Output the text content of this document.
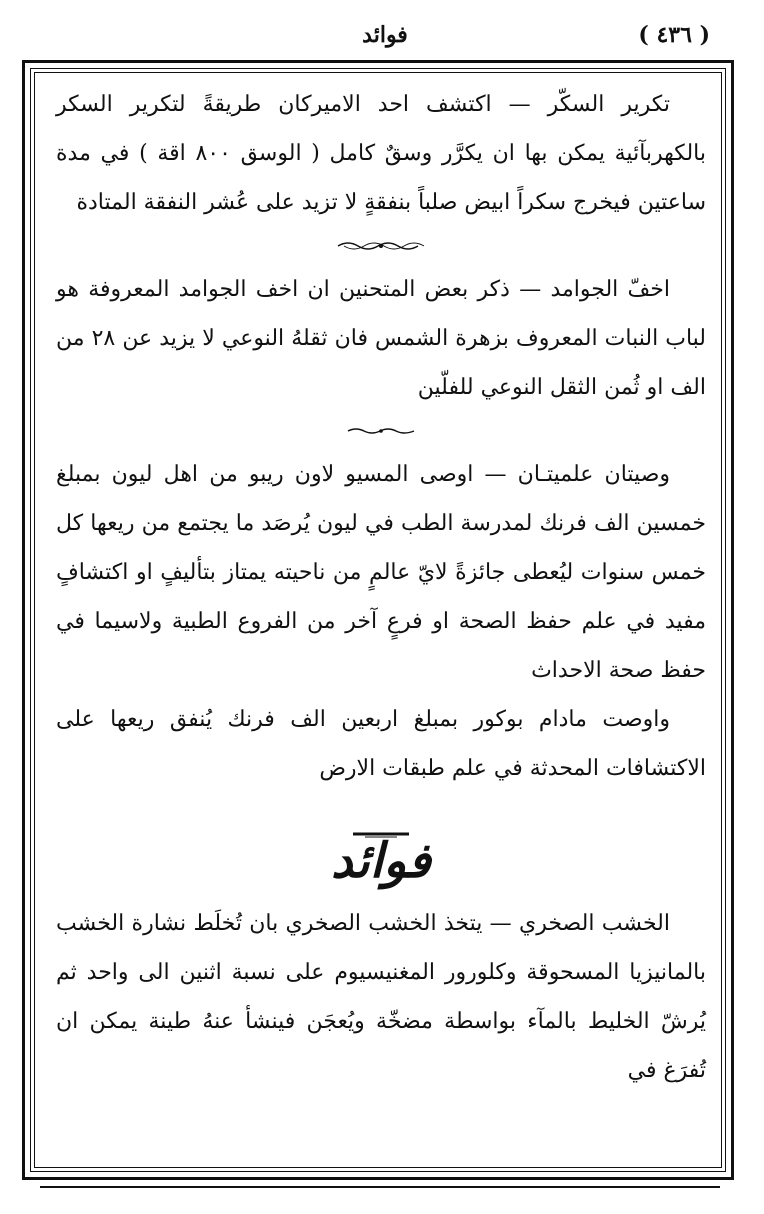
فوائد	( ٤٣٦ )

تكرير السكّر — اكتشف احد الاميركان طريقةً لتكرير السكر بالكهربآئية يمكن بها ان يكرَّر وسقٌ كامل ( الوسق ٨٠٠ اقة ) في مدة ساعتين فيخرج سكراً ابيض صلباً بنفقةٍ لا تزيد على عُشر النفقة المتادة

اخفّ الجوامد — ذكر بعض المتحنين ان اخف الجوامد المعروفة هو لباب النبات المعروف بزهرة الشمس فان ثقلهُ النوعي لا يزيد عن ٢٨ من الف او ثُمن الثقل النوعي للفلّين

وصيتان علميتـان — اوصى المسيو لاون ريبو من اهل ليون بمبلغ خمسين الف فرنك لمدرسة الطب في ليون يُرصَد ما يجتمع من ريعها كل خمس سنوات ليُعطى جائزةً لايّ عالمٍ من ناحيته يمتاز بتأليفٍ او اكتشافٍ مفيد في علم حفظ الصحة او فرعٍ آخر من الفروع الطبية ولاسيما في حفظ صحة الاحداث

واوصت مادام بوكور بمبلغ اربعين الف فرنك يُنفق ريعها على الاكتشافات المحدثة في علم طبقات الارض

فوائد

الخشب الصخري — يتخذ الخشب الصخري بان تُخلَط نشارة الخشب بالمانيزيا المسحوقة وكلورور المغنيسيوم على نسبة اثنين الى واحد ثم يُرشّ الخليط بالمآء بواسطة مضخّة ويُعجَن فينشأ عنهُ طينة يمكن ان تُفرَغ في
